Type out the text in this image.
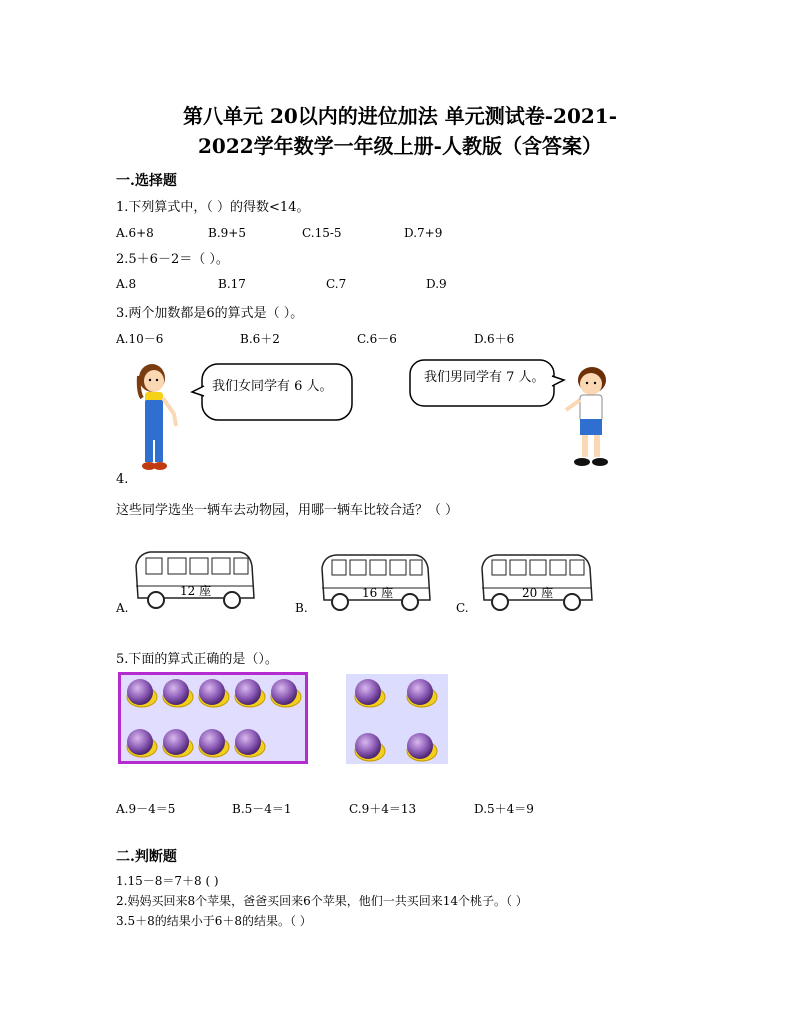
第八单元 20以内的进位加法 单元测试卷-2021-
2022学年数学一年级上册-人教版（含答案）
一.选择题
1.下列算式中，（ ）的得数<14。
A.6+8	B.9+5	C.15-5	D.7+9
2.5＋6－2＝（ ）。
A.8	B.17	C.7	D.9
3.两个加数都是6的算式是（ ）。
A.10－6	B.6＋2	C.6－6	D.6＋6
我们女同学有 6 人。
我们男同学有 7 人。
4.
这些同学选坐一辆车去动物园，用哪一辆车比较合适？（ ）
A.
12 座
B.
16 座
C.
20 座
5.下面的算式正确的是（）。
A.9－4＝5	B.5－4＝1	C.9＋4＝13	D.5＋4＝9
二.判断题
1.15－8＝7＋8 ( )
2.妈妈买回来8个苹果，爸爸买回来6个苹果，他们一共买回来14个桃子。（ ）
3.5＋8的结果小于6＋8的结果。（ ）
